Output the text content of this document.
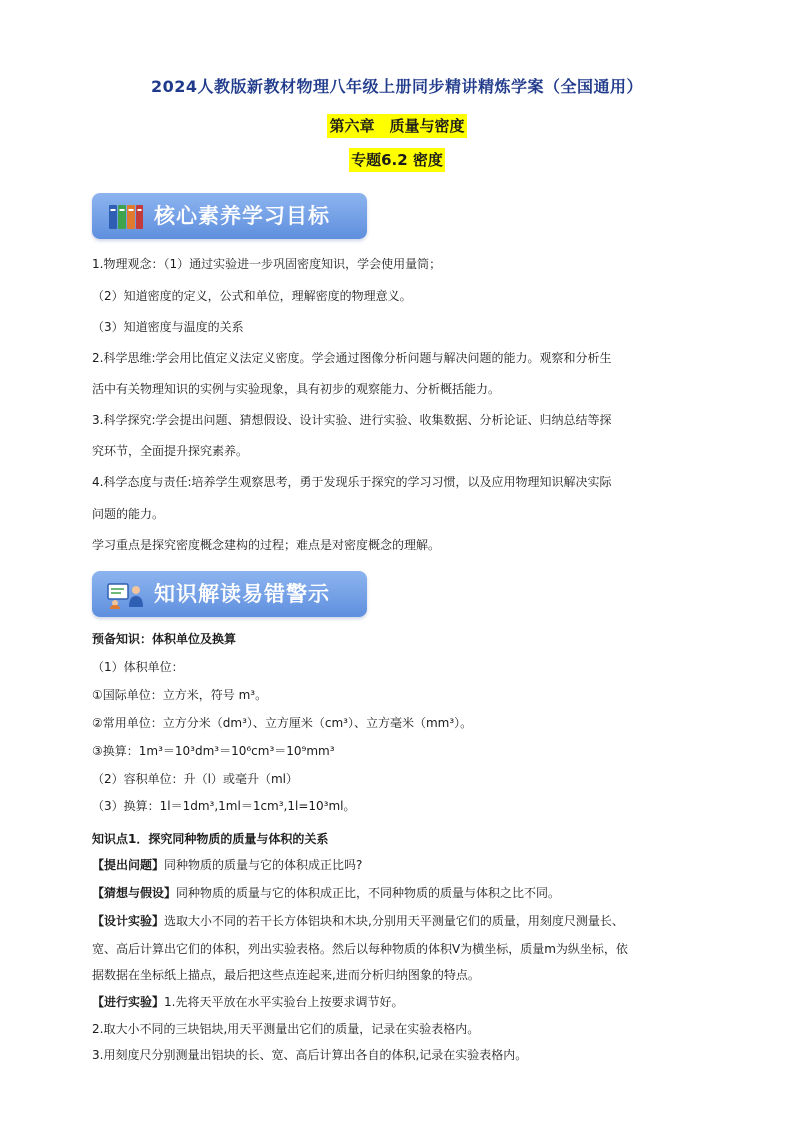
2024人教版新教材物理八年级上册同步精讲精炼学案（全国通用）
第六章　质量与密度
专题6.2 密度
核心素养学习目标
1.物理观念：（1）通过实验进一步巩固密度知识，学会使用量筒；
（2）知道密度的定义，公式和单位，理解密度的物理意义。
（3）知道密度与温度的关系
2.科学思维:学会用比值定义法定义密度。学会通过图像分析问题与解决问题的能力。观察和分析生
活中有关物理知识的实例与实验现象，具有初步的观察能力、分析概括能力。
3.科学探究:学会提出问题、猜想假设、设计实验、进行实验、收集数据、分析论证、归纳总结等探
究环节，全面提升探究素养。
4.科学态度与责任:培养学生观察思考，勇于发现乐于探究的学习习惯，以及应用物理知识解决实际
问题的能力。
学习重点是探究密度概念建构的过程；难点是对密度概念的理解。
知识解读易错警示
预备知识：体积单位及换算
（1）体积单位：
①国际单位：立方米，符号 m³。
②常用单位：立方分米（dm³）、立方厘米（cm³）、立方毫米（mm³）。
③换算：1m³＝10³dm³＝10⁶cm³＝10⁹mm³
（2）容积单位：升（l）或毫升（ml）
（3）换算：1l＝1dm³,1ml＝1cm³,1l=10³ml。
知识点1．探究同种物质的质量与体积的关系
【提出问题】同种物质的质量与它的体积成正比吗?
【猜想与假设】同种物质的质量与它的体积成正比，不同种物质的质量与体积之比不同。
【设计实验】选取大小不同的若干长方体铝块和木块,分别用天平测量它们的质量，用刻度尺测量长、
宽、高后计算出它们的体积，列出实验表格。然后以每种物质的体积V为横坐标，质量m为纵坐标，依
据数据在坐标纸上描点，最后把这些点连起来,进而分析归纳图象的特点。
【进行实验】1.先将天平放在水平实验台上按要求调节好。
2.取大小不同的三块铝块,用天平测量出它们的质量，记录在实验表格内。
3.用刻度尺分别测量出铝块的长、宽、高后计算出各自的体积,记录在实验表格内。
